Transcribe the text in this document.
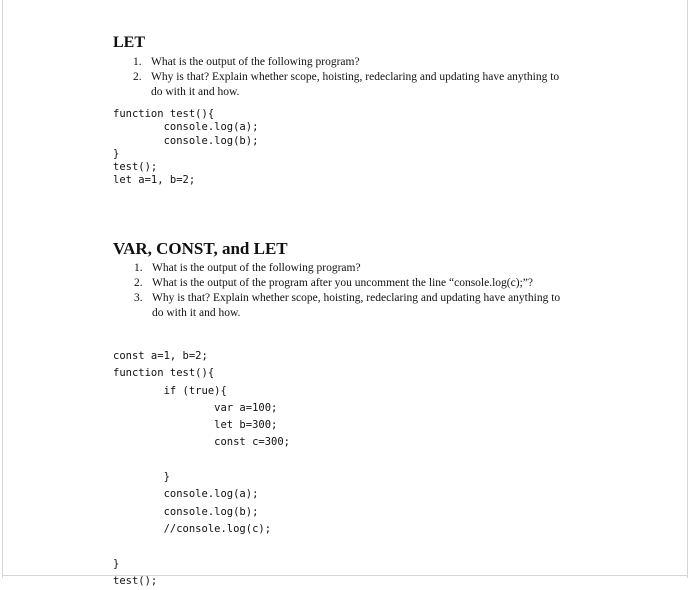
LET
1. What is the output of the following program?
2. Why is that? Explain whether scope, hoisting, redeclaring and updating have anything to do with it and how.
function test(){
console.log(a);
console.log(b);
}
test();
let a=1, b=2;
VAR, CONST, and LET
1. What is the output of the following program?
2. What is the output of the program after you uncomment the line “console.log(c);”?
3. Why is that? Explain whether scope, hoisting, redeclaring and updating have anything to do with it and how.
const a=1, b=2;
function test(){
if (true){
var a=100;
let b=300;
const c=300;

}
console.log(a);
console.log(b);
//console.log(c);

}
test();
